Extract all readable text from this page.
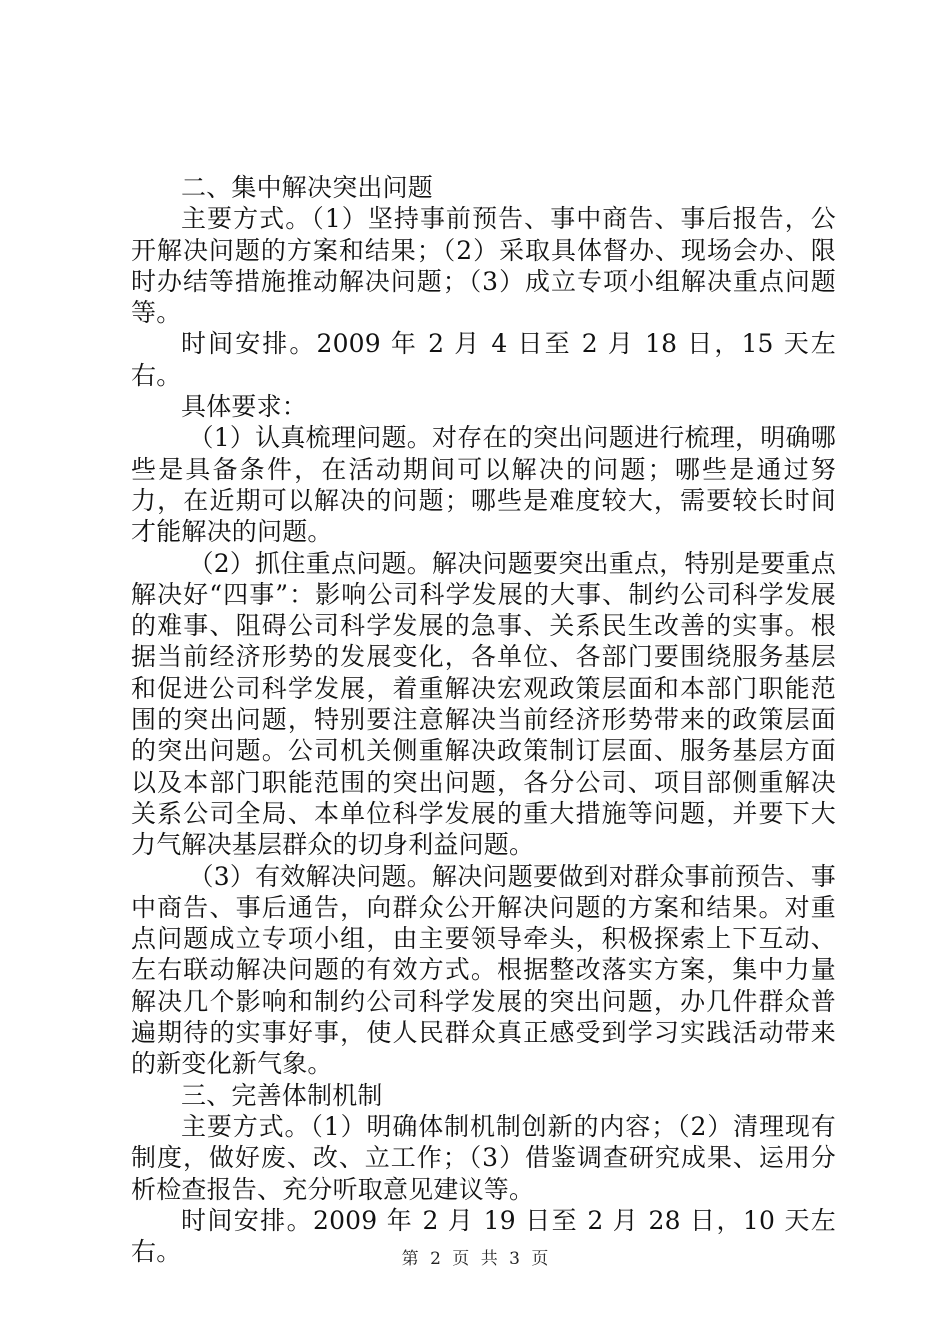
二、集中解决突出问题

主要方式。（1）坚持事前预告、事中商告、事后报告，公开解决问题的方案和结果；（2）采取具体督办、现场会办、限时办结等措施推动解决问题；（3）成立专项小组解决重点问题等。

时间安排。2009 年 2 月 4 日至 2 月 18 日，15 天左右。

具体要求：

（1）认真梳理问题。对存在的突出问题进行梳理，明确哪些是具备条件，在活动期间可以解决的问题；哪些是通过努力，在近期可以解决的问题；哪些是难度较大，需要较长时间才能解决的问题。

（2）抓住重点问题。解决问题要突出重点，特别是要重点解决好“四事”：影响公司科学发展的大事、制约公司科学发展的难事、阻碍公司科学发展的急事、关系民生改善的实事。根据当前经济形势的发展变化，各单位、各部门要围绕服务基层和促进公司科学发展，着重解决宏观政策层面和本部门职能范围的突出问题，特别要注意解决当前经济形势带来的政策层面的突出问题。公司机关侧重解决政策制订层面、服务基层方面以及本部门职能范围的突出问题，各分公司、项目部侧重解决关系公司全局、本单位科学发展的重大措施等问题，并要下大力气解决基层群众的切身利益问题。

（3）有效解决问题。解决问题要做到对群众事前预告、事中商告、事后通告，向群众公开解决问题的方案和结果。对重点问题成立专项小组，由主要领导牵头，积极探索上下互动、左右联动解决问题的有效方式。根据整改落实方案，集中力量解决几个影响和制约公司科学发展的突出问题，办几件群众普遍期待的实事好事，使人民群众真正感受到学习实践活动带来的新变化新气象。

三、完善体制机制

主要方式。（1）明确体制机制创新的内容；（2）清理现有制度，做好废、改、立工作；（3）借鉴调查研究成果、运用分析检查报告、充分听取意见建议等。

时间安排。2009 年 2 月 19 日至 2 月 28 日，10 天左右。	第 2 页 共 3 页
